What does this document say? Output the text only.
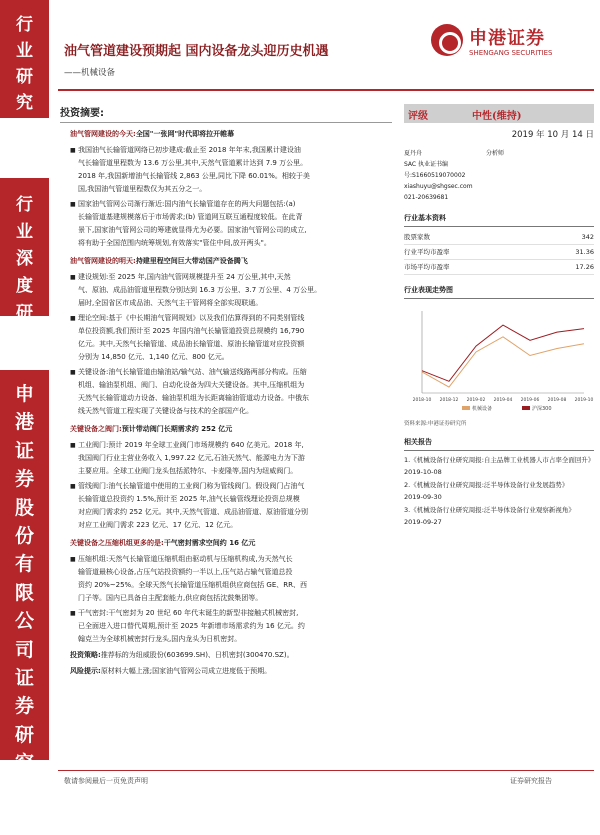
行
业
研
究
行
业
深
度
研
究
申
港
证
券
股
份
有
限
公
司
证
券
研
究
报
告
油气管道建设预期起 国内设备龙头迎历史机遇
——机械设备
申港证券
SHENGANG SECURITIES
投资摘要:
油气管网建设的今天:全国"一张网"时代即将拉开帷幕
■ 我国油气长输管道网络已初步建成:截止至 2018 年年末,我国累计建设油
气长输管道里程数为 13.6 万公里,其中,天然气管道累计达到 7.9 万公里。
2018 年,我国新增油气长输管线 2,863 公里,同比下降 60.01%。相较于美
国,我国油气管道里程数仅为其五分之一。
■ 国家油气管网公司渐行渐近:国内油气长输管道存在的两大问题包括:(a)
长输管道基建规模落后于市场需求;(b) 管道网互联互通程度较低。在此背
景下,国家油气管网公司的筹建就显得尤为必要。国家油气管网公司的成立,
将有助于全国范围内统筹规划,有效落实"管住中间,放开两头"。
油气管网建设的明天:持建里程空间巨大带动国产设备腾飞
■ 建设规划:至 2025 年,国内油气管网规模提升至 24 万公里,其中,天然
气、原油、成品油管道里程数分别达到 16.3 万公里、3.7 万公里、4 万公里。
届时,全国省区市成品油、天然气主干管网将全部实现联通。
■ 理论空间:基于《中长期油气管网规划》以及我们估算得到的不同类别管线
单位投资额,我们预计至 2025 年国内油气长输管道投资总规模约 16,790
亿元。其中,天然气长输管道、成品油长输管道、原油长输管道对应投资额
分别为 14,850 亿元、1,140 亿元、800 亿元。
■ 关键设备:油气长输管道由输油站/输气站、油气输送线路两部分构成。压缩
机组、输油泵机组、阀门、自动化设备为四大关键设备。其中,压缩机组为
天然气长输管道动力设备、输油泵机组为长距离输油管道动力设备。中俄东
线天然气管道工程实现了关键设备与技术的全部国产化。
关键设备之阀门:预计带动阀门长期需求约 252 亿元
■ 工业阀门:预计 2019 年全球工业阀门市场规模约 640 亿美元。2018 年,
我国阀门行业主营业务收入 1,997.22 亿元,石油天然气、能源电力为下游
主要应用。全球工业阀门龙头包括派特尔、卡麦隆等,国内为纽威阀门。
■ 管线阀门:油气长输管道中使用的工业阀门称为管线阀门。假设阀门占油气
长输管道总投资约 1.5%,预计至 2025 年,油气长输管线理论投资总规模
对应阀门需求约 252 亿元。其中,天然气管道、成品油管道、原油管道分别
对应工业阀门需求 223 亿元、17 亿元、12 亿元。
关键设备之压缩机组更多的是:干气密封需求空间约 16 亿元
■ 压缩机组:天然气长输管道压缩机组由驱动机与压缩机构成,为天然气长
输管道最核心设备,占压气站投资额约一半以上,压气站占输气管道总投
资约 20%~25%。全球天然气长输管道压缩机组供应商包括 GE、RR、西
门子等。国内已具备自主配套能力,供应商包括沈鼓集团等。
■ 干气密封:干气密封为 20 世纪 60 年代末诞生的新型非接触式机械密封,
已全面进入进口替代周期,预计至 2025 年新增市场需求约为 16 亿元。约
翰克兰为全球机械密封行龙头,国内龙头为日机密封。
投资策略:推荐标的为纽威股份(603699.SH)、日机密封(300470.SZ)。
风险提示:原材料大幅上涨;国家油气管网公司成立进度低于预期。
评级	中性(维持)
2019 年 10 月 14 日
夏丹舟	分析师
SAC 执业证书编号:S1660519070002
xiashuyu@shgsec.com
021-20639681
行业基本资料
股票家数	342
行业平均市盈率	31.36
市场平均市盈率	17.26
行业表现走势图
2018-10 2018-12 2019-02 2019-04 2019-06 2019-08 2019-10
机械设备	沪深300
资料来源:申港证券研究所
相关报告
1.《机械设备行业研究周报:自主品牌工业机器人市占率全面回升》
2019-10-08
2.《机械设备行业研究周报:泛半导体设备行业发展趋势》
2019-09-30
3.《机械设备行业研究周报:泛半导体设备行业观察新视角》
2019-09-27
敬请参阅最后一页免责声明	证券研究报告
